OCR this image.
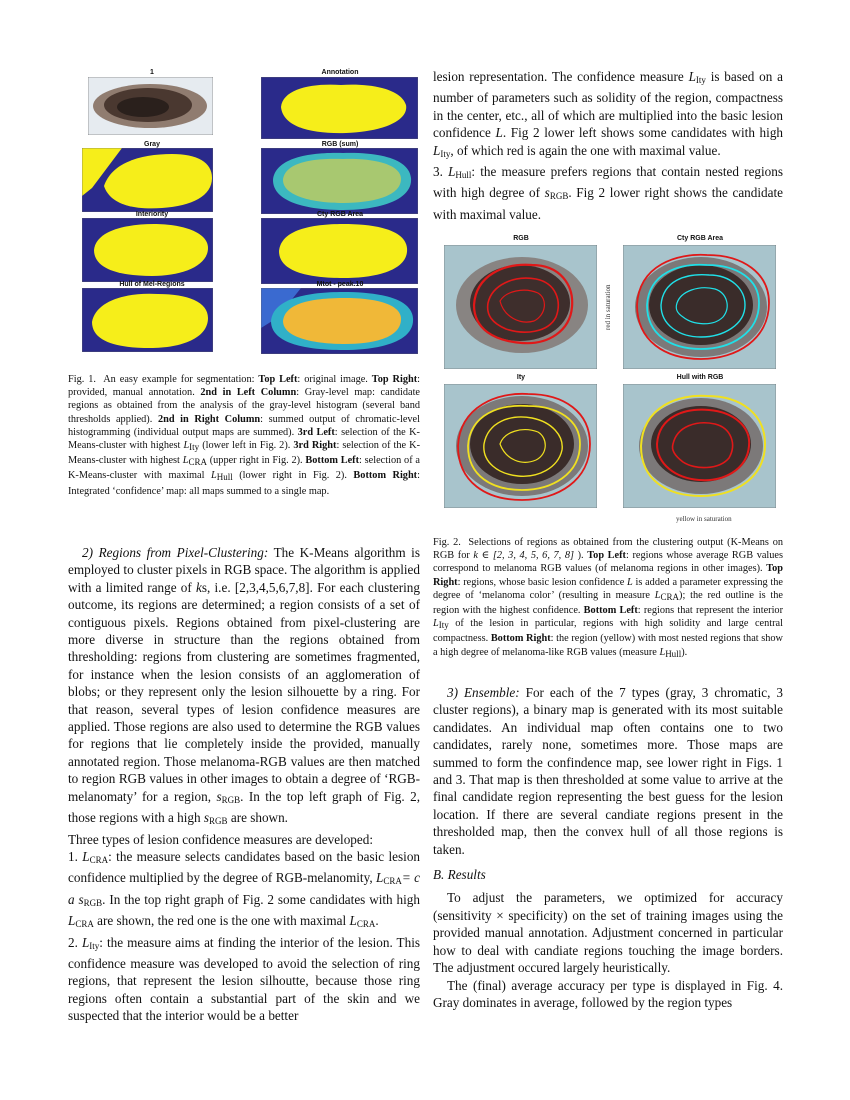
1	Annotation
Gray	RGB (sum)
Interiority	Cty RGB Area
Hull of Mel-Regions	Mtot - peak.10
Fig. 1. An easy example for segmentation: Top Left: original image. Top Right: provided, manual annotation. 2nd in Left Column: Gray-level map: candidate regions as obtained from the analysis of the gray-level histogram (several band thresholds applied). 2nd in Right Column: summed output of chromatic-level histogramming (individual output maps are summed). 3rd Left: selection of the K-Means-cluster with highest LIty (lower left in Fig. 2). 3rd Right: selection of the K-Means-cluster with highest LCRA (upper right in Fig. 2). Bottom Left: selection of a K-Means-cluster with maximal LHull (lower right in Fig. 2). Bottom Right: Integrated ‘confidence’ map: all maps summed to a single map.

2) Regions from Pixel-Clustering: The K-Means algorithm is employed to cluster pixels in RGB space. The algorithm is applied with a limited range of ks, i.e. [2,3,4,5,6,7,8]. For each clustering outcome, its regions are determined; a region consists of a set of contiguous pixels. Regions obtained from pixel-clustering are more diverse in structure than the regions obtained from thresholding: regions from clustering are sometimes fragmented, for instance when the lesion consists of an agglomeration of blobs; or they represent only the lesion silhouette by a ring. For that reason, several types of lesion confidence measures are applied. Those regions are also used to determine the RGB values for regions that lie completely inside the provided, manually annotated region. Those melanoma-RGB values are then matched to region RGB values in other images to obtain a degree of ‘RGB-melanomaty’ for a region, $s_{RGB}$. In the top left graph of Fig. 2, those regions with a high $s_{RGB}$ are shown.

Three types of lesion confidence measures are developed:

1. $L_{CRA}$: the measure selects candidates based on the basic lesion confidence multiplied by the degree of RGB-melanomity, $L_{CRA}= c$ a $s_{RGB}$. In the top right graph of Fig. 2 some candidates with high $L_{CRA}$ are shown, the red one is the one with maximal $L_{CRA}$.

2. $L_{Ity}$: the measure aims at finding the interior of the lesion. This confidence measure was developed to avoid the selection of ring regions, that represent the lesion silhoutte, because those ring regions often contain a substantial part of the skin and we suspected that the interior would be a better

lesion representation. The confidence measure $L_{Ity}$ is based on a number of parameters such as solidity of the region, compactness in the center, etc., all of which are multiplied into the basic lesion confidence L. Fig 2 lower left shows some candidates with high $L_{Ity}$, of which red is again the one with maximal value.

3. $L_{Hull}$: the measure prefers regions that contain nested regions with high degree of $s_{RGB}$. Fig 2 lower right shows the candidate with maximal value.

RGB	Cty RGB Area
red in saturation
Ity	Hull with RGB
yellow in saturation
Fig. 2. Selections of regions as obtained from the clustering output (K-Means on RGB for k ∈ [2, 3, 4, 5, 6, 7, 8] ). Top Left: regions whose average RGB values correspond to melanoma RGB values (of melanoma regions in other images). Top Right: regions, whose basic lesion confidence L is added a parameter expressing the degree of ‘melanoma color’ (resulting in measure LCRA); the red outline is the region with the highest confidence. Bottom Left: regions that represent the interior LIty of the lesion in particular, regions with high solidity and large central compactness. Bottom Right: the region (yellow) with most nested regions that show a high degree of melanoma-like RGB values (measure LHull).

3) Ensemble: For each of the 7 types (gray, 3 chromatic, 3 cluster regions), a binary map is generated with its most suitable candidates. An individual map often contains one to two candidates, rarely none, sometimes more. Those maps are summed to form the confindence map, see lower right in Figs. 1 and 3. That map is then thresholded at some value to arrive at the final candidate region representing the best guess for the lesion location. If there are several candiate regions present in the thresholded map, then the convex hull of all those regions is taken.

B. Results

To adjust the parameters, we optimized for accuracy (sensitivity × specificity) on the set of training images using the provided manual annotation. Adjustment concerned in particular how to deal with candiate regions touching the image borders. The adjustment occured largely heuristically.

The (final) average accuracy per type is displayed in Fig. 4. Gray dominates in average, followed by the region types
